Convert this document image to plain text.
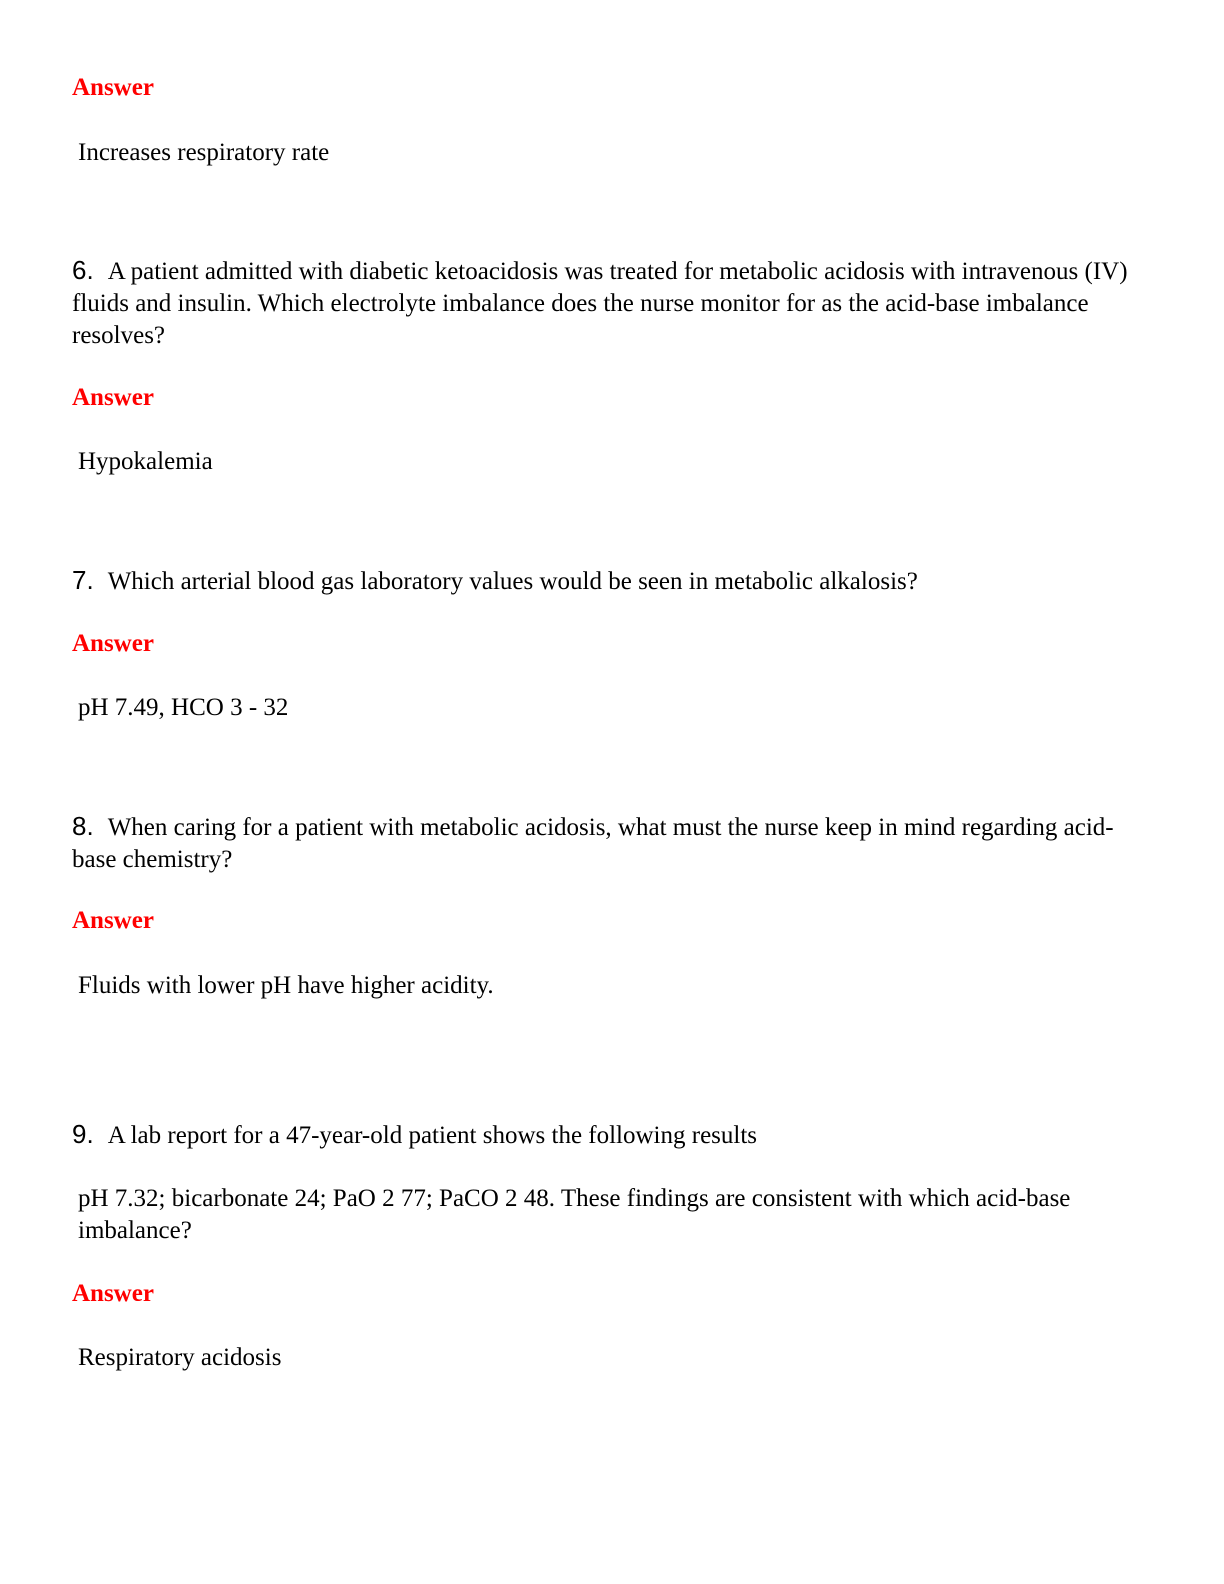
Answer
Increases respiratory rate
6. A patient admitted with diabetic ketoacidosis was treated for metabolic acidosis with intravenous (IV) fluids and insulin. Which electrolyte imbalance does the nurse monitor for as the acid-base imbalance resolves?
Answer
Hypokalemia
7. Which arterial blood gas laboratory values would be seen in metabolic alkalosis?
Answer
pH 7.49, HCO 3 - 32
8. When caring for a patient with metabolic acidosis, what must the nurse keep in mind regarding acid-base chemistry?
Answer
Fluids with lower pH have higher acidity.
9. A lab report for a 47-year-old patient shows the following results
pH 7.32; bicarbonate 24; PaO 2 77; PaCO 2 48. These findings are consistent with which acid-base imbalance?
Answer
Respiratory acidosis
